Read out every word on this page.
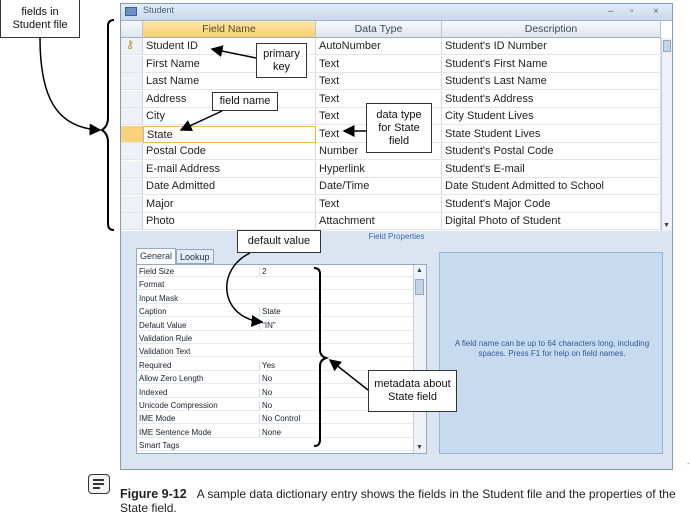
fields in Student file
Student	– ▫ ×
Field Name	Data Type	Description
⚷ Student ID	AutoNumber	Student's ID Number
First Name	Text	Student's First Name
Last Name	Text	Student's Last Name
Address	Text	Student's Address
City	Text	City Student Lives
State	Text	State Student Lives
Postal Code	Number	Student's Postal Code
E-mail Address	Hyperlink	Student's E-mail
Date Admitted	Date/Time	Date Student Admitted to School
Major	Text	Student's Major Code
Photo	Attachment	Digital Photo of Student	▼
Field Properties
General Lookup
Field Size	2
Format
Input Mask
Caption	State
Default Value	"IN"
Validation Rule
Validation Text
Required	Yes
Allow Zero Length	No
Indexed	No
Unicode Compression	No
IME Mode	No Control
IME Sentence Mode	None
Smart Tags
▲
▼
A field name can be up to 64 characters long, including spaces. Press F1 for help on field names.
primary key
field name
data type for State field
default value
metadata about State field
.
Figure 9-12 A sample data dictionary entry shows the fields in the Student file and the properties of the State field.
